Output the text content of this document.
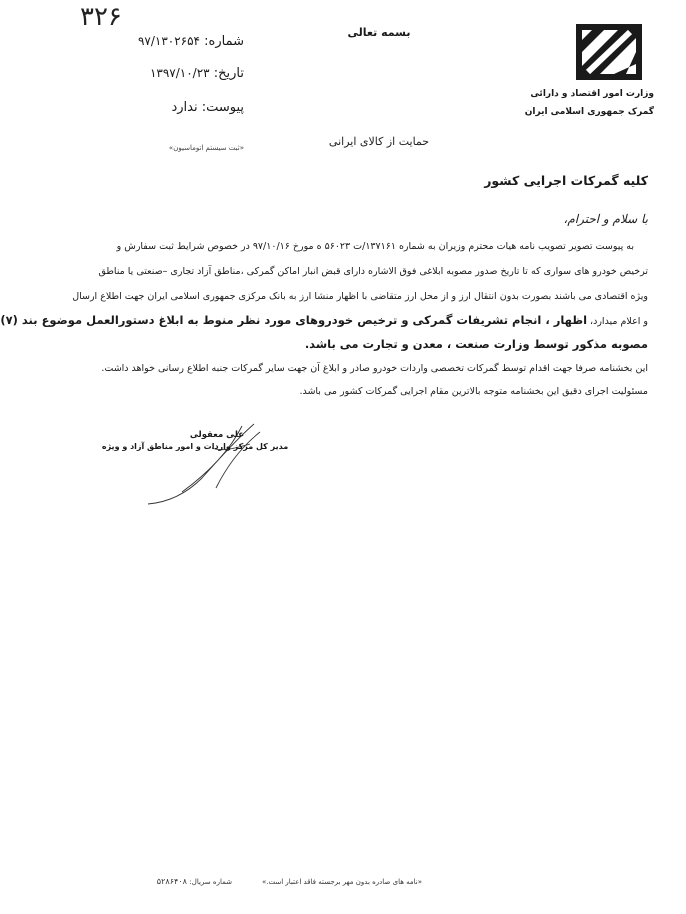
۳۲۶
شماره: ۹۷/۱۳۰۲۶۵۴
تاریخ: ۱۳۹۷/۱۰/۲۳
پیوست: ندارد
«ثبت سیستم اتوماسیون»
بسمه تعالی
وزارت امور اقتصاد و دارائی
گمرک جمهوری اسلامی ایران
حمایت از کالای ایرانی
کلیه گمرکات اجرایی کشور
با سلام و احترام،
به پیوست تصویر تصویب نامه هیات محترم وزیران به شماره ۱۳۷۱۶۱/ت ۵۶۰۲۳ ه مورخ ۹۷/۱۰/۱۶ در خصوص شرایط ثبت سفارش و
ترخیص خودرو های سواری که تا تاریخ صدور مصوبه ابلاغی فوق الاشاره دارای قبض انبار اماکن گمرکی ،مناطق آزاد تجاری –صنعتی یا مناطق
ویژه اقتصادی می باشند بصورت بدون انتقال ارز و از محل ارز متقاضی با اظهار منشا ارز به بانک مرکزی جمهوری اسلامی ایران جهت اطلاع ارسال
و اعلام میدارد، اظهار ، انجام تشریفات گمرکی و ترخیص خودروهای مورد نظر منوط به ابلاغ دستورالعمل موضوع بند (۷)
مصوبه مذکور توسط وزارت صنعت ، معدن و تجارت می باشد.
این بخشنامه صرفا جهت اقدام توسط گمرکات تخصصی واردات خودرو صادر و ابلاغ آن جهت سایر گمرکات جنبه اطلاع رسانی خواهد داشت.
مسئولیت اجرای دقیق این بخشنامه متوجه بالاترین مقام اجرایی گمرکات کشور می باشد.
علی معقولی
مدیر کل مرکز واردات و امور مناطق آزاد و ویژه
«نامه های صادره بدون مهر برجسته فاقد اعتبار است.»
شماره سریال: ۵۲۸۶۴۰۸
